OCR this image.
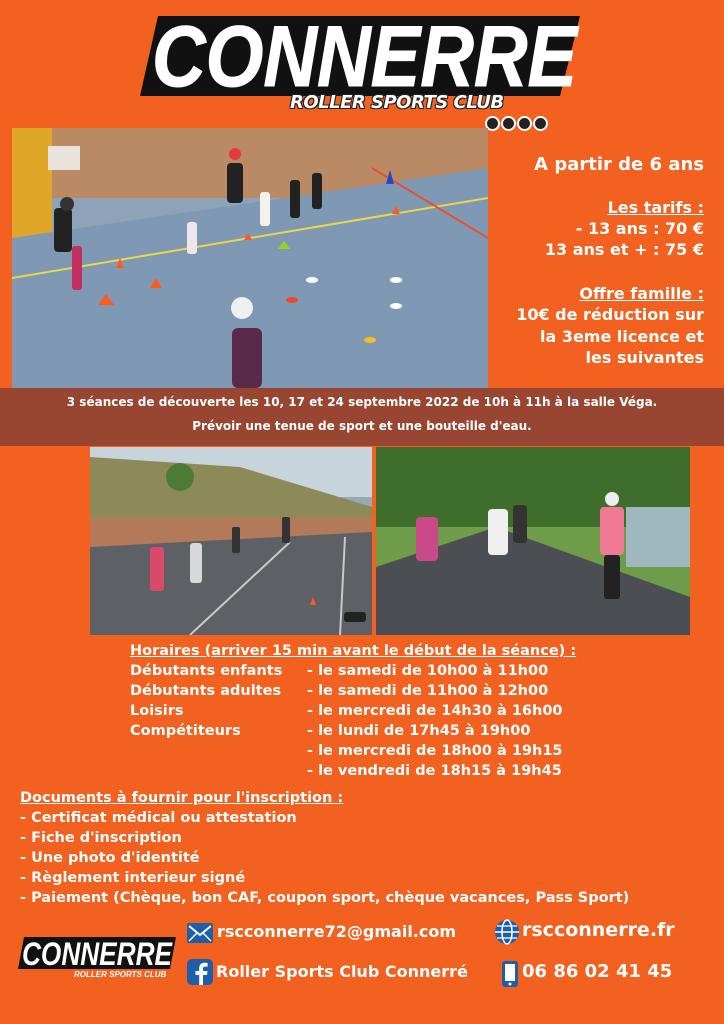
CONNERRE
ROLLER SPORTS CLUB
A partir de 6 ans
Les tarifs :
- 13 ans : 70 €
13 ans et + : 75 €
Offre famille :
10€ de réduction sur
la 3eme licence et
les suivantes
3 séances de découverte les 10, 17 et 24 septembre 2022 de 10h à 11h à la salle Véga.
Prévoir une tenue de sport et une bouteille d'eau.
Horaires (arriver 15 min avant le début de la séance) :
Débutants enfants - le samedi de 10h00 à 11h00
Débutants adultes - le samedi de 11h00 à 12h00
Loisirs	- le mercredi de 14h30 à 16h00
Compétiteurs	- le lundi de 17h45 à 19h00
- le mercredi de 18h00 à 19h15
- le vendredi de 18h15 à 19h45
Documents à fournir pour l'inscription :
- Certificat médical ou attestation
- Fiche d'inscription
- Une photo d'identité
- Règlement interieur signé
- Paiement (Chèque, bon CAF, coupon sport, chèque vacances, Pass Sport)
CONNERRE
ROLLER SPORTS CLUB
rscconnerre72@gmail.com	rscconnerre.fr
Roller Sports Club Connerré	06 86 02 41 45
